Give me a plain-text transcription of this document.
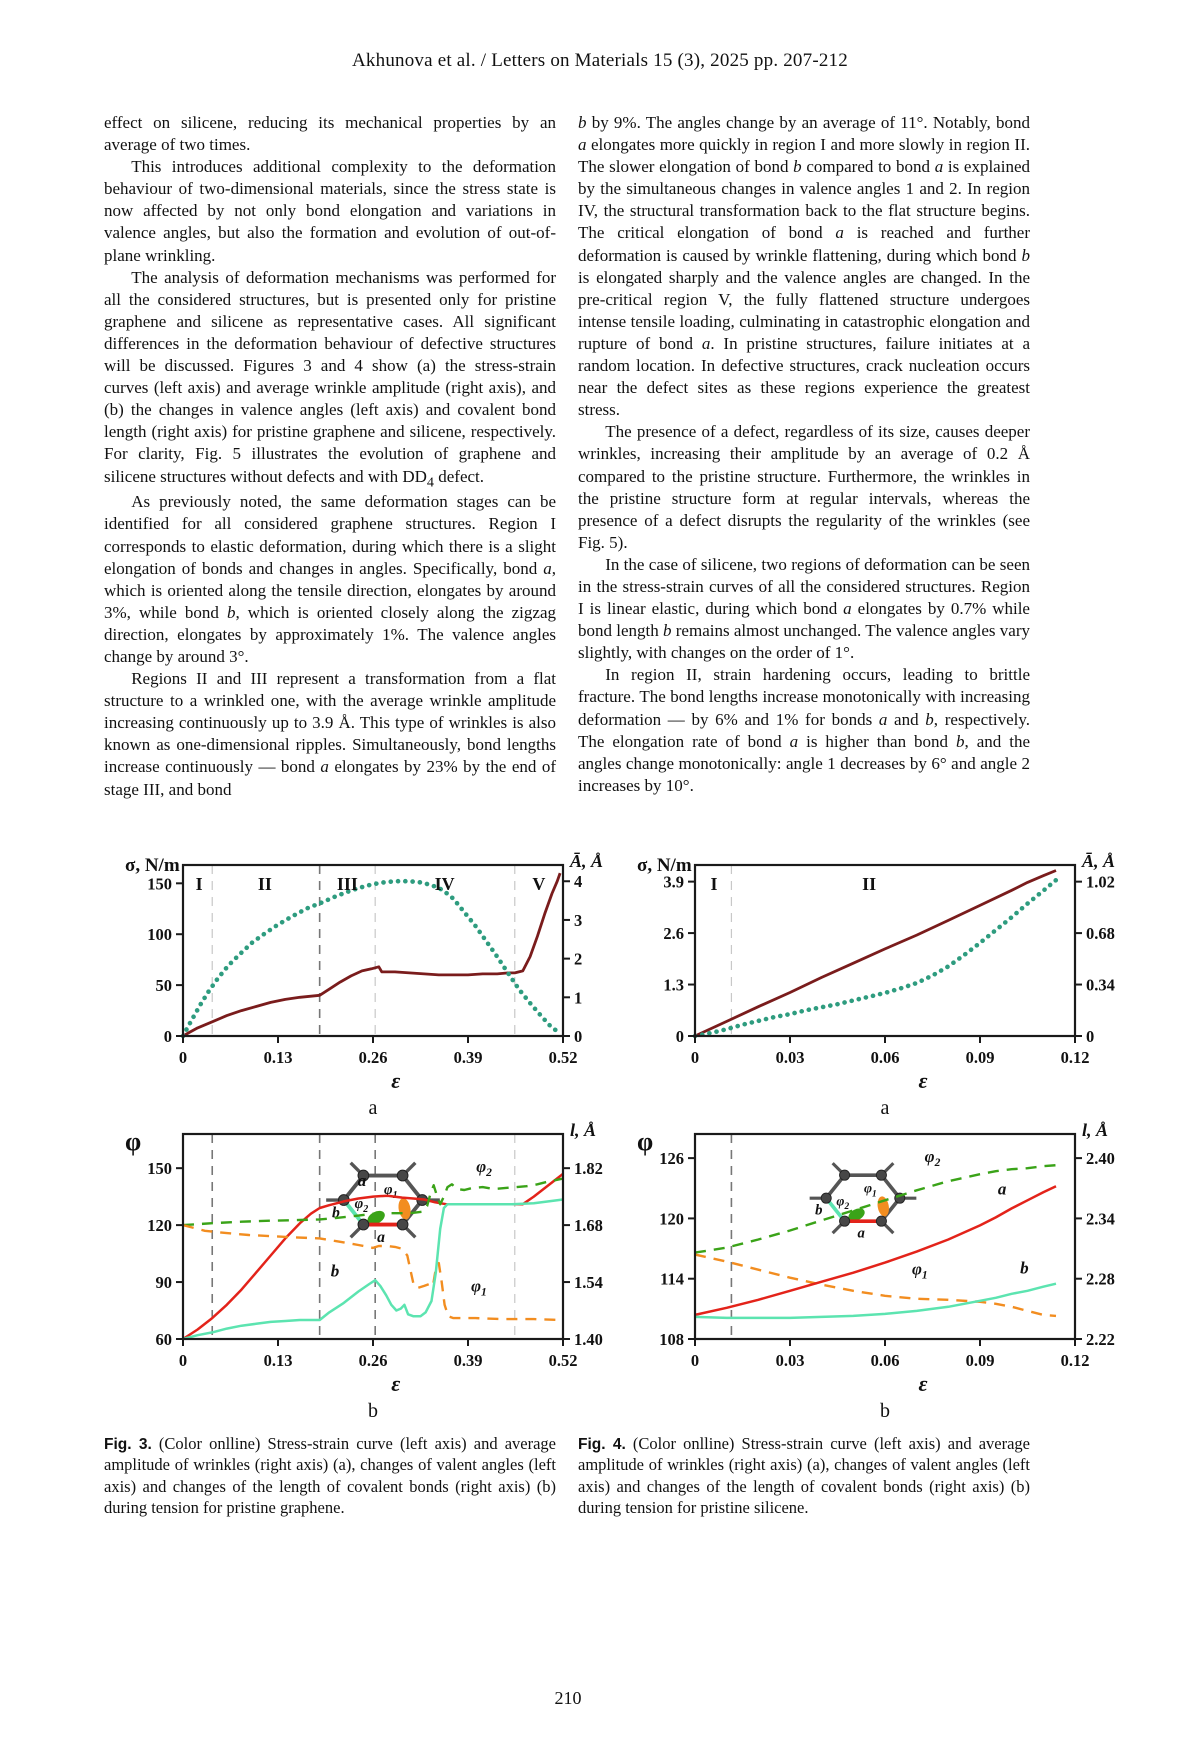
Akhunova et al. / Letters on Materials 15 (3), 2025 pp. 207-212

effect on silicene, reducing its mechanical properties by an average of two times.

This introduces additional complexity to the deformation behaviour of two-dimensional materials, since the stress state is now affected by not only bond elongation and variations in valence angles, but also the formation and evolution of out-of-plane wrinkling.

The analysis of deformation mechanisms was performed for all the considered structures, but is presented only for pristine graphene and silicene as representative cases. All significant differences in the deformation behaviour of defective structures will be discussed. Figures 3 and 4 show (a) the stress-strain curves (left axis) and average wrinkle amplitude (right axis), and (b) the changes in valence angles (left axis) and covalent bond length (right axis) for pristine graphene and silicene, respectively. For clarity, Fig. 5 illustrates the evolution of graphene and silicene structures without defects and with $DD_4$ defect.

As previously noted, the same deformation stages can be identified for all considered graphene structures. Region I corresponds to elastic deformation, during which there is a slight elongation of bonds and changes in angles. Specifically, bond a, which is oriented along the tensile direction, elongates by around 3%, while bond b, which is oriented closely along the zigzag direction, elongates by approximately 1%. The valence angles change by around 3°.

Regions II and III represent a transformation from a flat structure to a wrinkled one, with the average wrinkle amplitude increasing continuously up to 3.9 Å. This type of wrinkles is also known as one-dimensional ripples. Simultaneously, bond lengths increase continuously — bond a elongates by 23% by the end of stage III, and bond

b by 9%. The angles change by an average of 11°. Notably, bond a elongates more quickly in region I and more slowly in region II. The slower elongation of bond b compared to bond a is explained by the simultaneous changes in valence angles 1 and 2. In region IV, the structural transformation back to the flat structure begins. The critical elongation of bond a is reached and further deformation is caused by wrinkle flattening, during which bond b is elongated sharply and the valence angles are changed. In the pre-critical region V, the fully flattened structure undergoes intense tensile loading, culminating in catastrophic elongation and rupture of bond a. In pristine structures, failure initiates at a random location. In defective structures, crack nucleation occurs near the defect sites as these regions experience the greatest stress.

The presence of a defect, regardless of its size, causes deeper wrinkles, increasing their amplitude by an average of 0.2 Å compared to the pristine structure. Furthermore, the wrinkles in the pristine structure form at regular intervals, whereas the presence of a defect disrupts the regularity of the wrinkles (see Fig. 5).

In the case of silicene, two regions of deformation can be seen in the stress-strain curves of all the considered structures. Region I is linear elastic, during which bond a elongates by 0.7% while bond length b remains almost unchanged. The valence angles vary slightly, with changes on the order of 1°.

In region II, strain hardening occurs, leading to brittle fracture. The bond lengths increase monotonically with increasing deformation — by 6% and 1% for bonds a and b, respectively. The elongation rate of bond a is higher than bond b, and the angles change monotonically: angle 1 decreases by 6° and angle 2 increases by 10°.

0
50
100
150
0
1
2
3
4
0	0.13	0.26	0.39	0.52
I	II	III	IV	V
σ, N/m	Ā, Å
ε
a
$\varphi_1$
$\varphi_2$
b
a
60
90
120
150
1.40
1.54
1.68
1.82
0	0.13	0.26	0.39	0.52
a
b
$\varphi_2$
$\varphi_1$
φ	l, Å
ε
b

Fig. 3. (Color onlline) Stress-strain curve (left axis) and average amplitude of wrinkles (right axis) (a), changes of valent angles (left axis) and changes of the length of covalent bonds (right axis) (b) during tension for pristine graphene.

0
1.3
2.6
3.9
0
0.34
0.68
1.02
0	0.03	0.06	0.09	0.12
I	II
σ, N/m	Ā, Å
ε
a
$\varphi_1$
$\varphi_2$
b
a
108
114
120
126
2.22
2.28
2.34
2.40
0	0.03	0.06	0.09	0.12
$\varphi_2$
a
$\varphi_1$	b
φ	l, Å
ε
b

Fig. 4. (Color onlline) Stress-strain curve (left axis) and average amplitude of wrinkles (right axis) (a), changes of valent angles (left axis) and changes of the length of covalent bonds (right axis) (b) during tension for pristine silicene.

210
